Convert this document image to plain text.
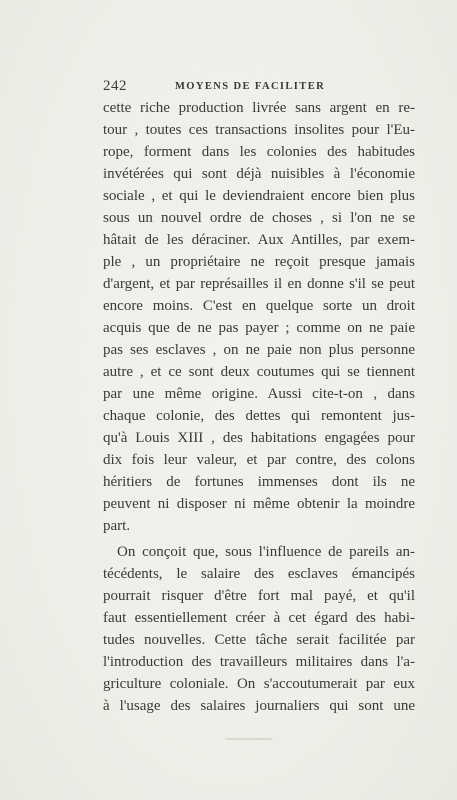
242	MOYENS DE FACILITER
cette riche production livrée sans argent en re-
tour , toutes ces transactions insolites pour l'Eu-
rope, forment dans les colonies des habitudes
invétérées qui sont déjà nuisibles à l'économie
sociale , et qui le deviendraient encore bien plus
sous un nouvel ordre de choses , si l'on ne se
hâtait de les déraciner. Aux Antilles, par exem-
ple , un propriétaire ne reçoit presque jamais
d'argent, et par représailles il en donne s'il se peut
encore moins. C'est en quelque sorte un droit
acquis que de ne pas payer ; comme on ne paie
pas ses esclaves , on ne paie non plus personne
autre , et ce sont deux coutumes qui se tiennent
par une même origine. Aussi cite-t-on , dans
chaque colonie, des dettes qui remontent jus-
qu'à Louis XIII , des habitations engagées pour
dix fois leur valeur, et par contre, des colons
héritiers de fortunes immenses dont ils ne
peuvent ni disposer ni même obtenir la moindre
part.
On conçoit que, sous l'influence de pareils an-
técédents, le salaire des esclaves émancipés
pourrait risquer d'être fort mal payé, et qu'il
faut essentiellement créer à cet égard des habi-
tudes nouvelles. Cette tâche serait facilitée par
l'introduction des travailleurs militaires dans l'a-
griculture coloniale. On s'accoutumerait par eux
à l'usage des salaires journaliers qui sont une
